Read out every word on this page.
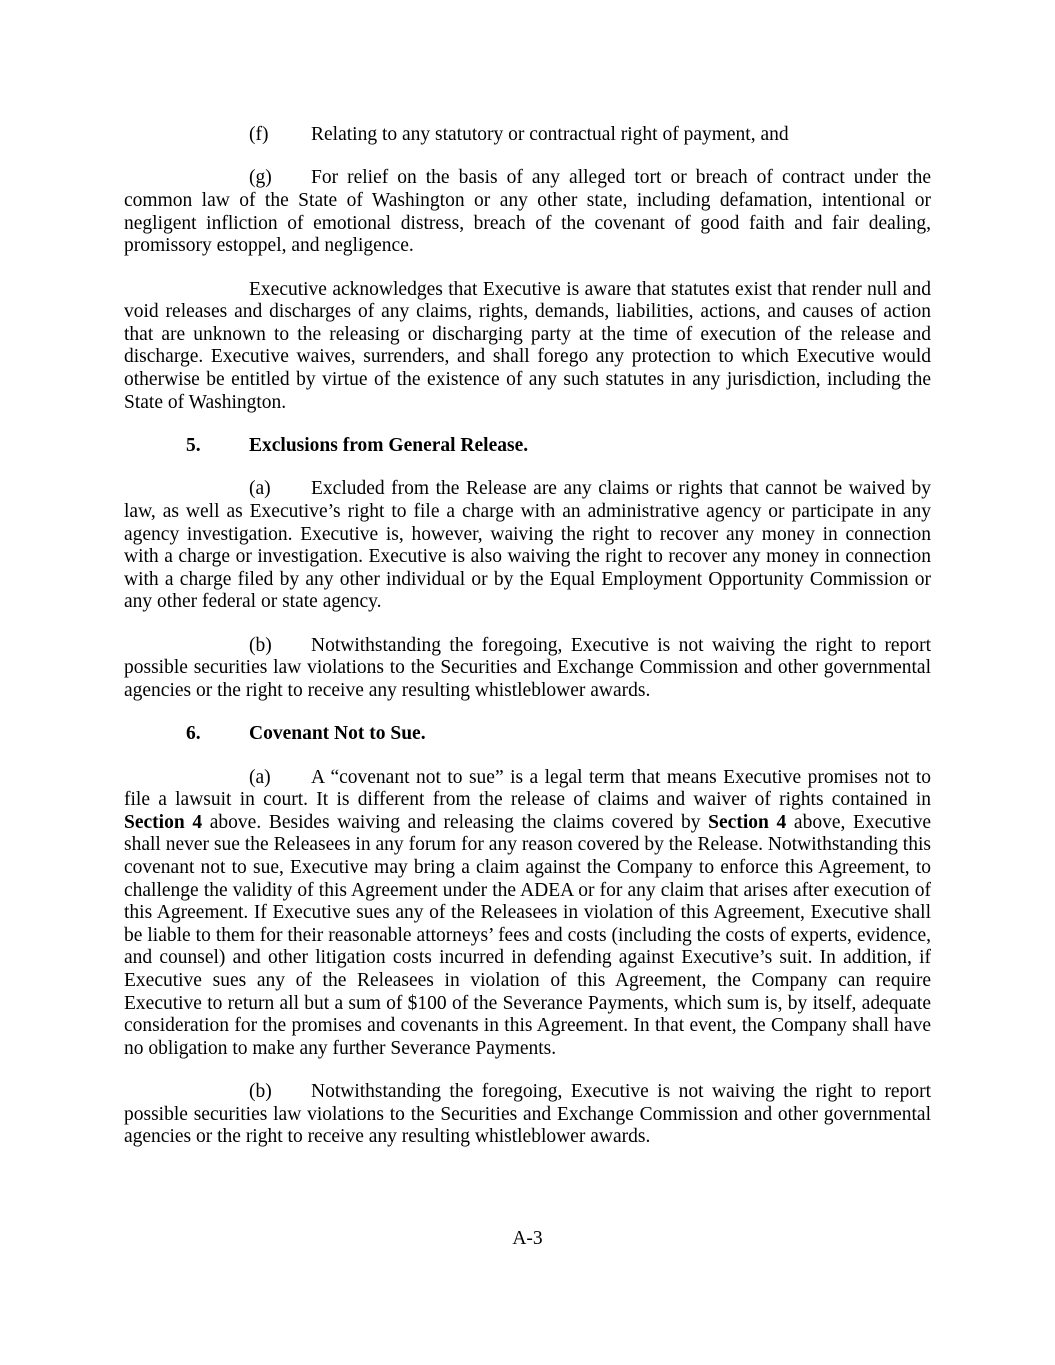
(f) Relating to any statutory or contractual right of payment, and

(g) For relief on the basis of any alleged tort or breach of contract under the common law of the State of Washington or any other state, including defamation, intentional or negligent infliction of emotional distress, breach of the covenant of good faith and fair dealing, promissory estoppel, and negligence.

Executive acknowledges that Executive is aware that statutes exist that render null and void releases and discharges of any claims, rights, demands, liabilities, actions, and causes of action that are unknown to the releasing or discharging party at the time of execution of the release and discharge. Executive waives, surrenders, and shall forego any protection to which Executive would otherwise be entitled by virtue of the existence of any such statutes in any jurisdiction, including the State of Washington.

5. Exclusions from General Release.

(a) Excluded from the Release are any claims or rights that cannot be waived by law, as well as Executive’s right to file a charge with an administrative agency or participate in any agency investigation. Executive is, however, waiving the right to recover any money in connection with a charge or investigation. Executive is also waiving the right to recover any money in connection with a charge filed by any other individual or by the Equal Employment Opportunity Commission or any other federal or state agency.

(b) Notwithstanding the foregoing, Executive is not waiving the right to report possible securities law violations to the Securities and Exchange Commission and other governmental agencies or the right to receive any resulting whistleblower awards.

6. Covenant Not to Sue.

(a) A “covenant not to sue” is a legal term that means Executive promises not to file a lawsuit in court. It is different from the release of claims and waiver of rights contained in Section 4 above. Besides waiving and releasing the claims covered by Section 4 above, Executive shall never sue the Releasees in any forum for any reason covered by the Release. Notwithstanding this covenant not to sue, Executive may bring a claim against the Company to enforce this Agreement, to challenge the validity of this Agreement under the ADEA or for any claim that arises after execution of this Agreement. If Executive sues any of the Releasees in violation of this Agreement, Executive shall be liable to them for their reasonable attorneys’ fees and costs (including the costs of experts, evidence, and counsel) and other litigation costs incurred in defending against Executive’s suit. In addition, if Executive sues any of the Releasees in violation of this Agreement, the Company can require Executive to return all but a sum of $100 of the Severance Payments, which sum is, by itself, adequate consideration for the promises and covenants in this Agreement. In that event, the Company shall have no obligation to make any further Severance Payments.

(b) Notwithstanding the foregoing, Executive is not waiving the right to report possible securities law violations to the Securities and Exchange Commission and other governmental agencies or the right to receive any resulting whistleblower awards.

A-3
